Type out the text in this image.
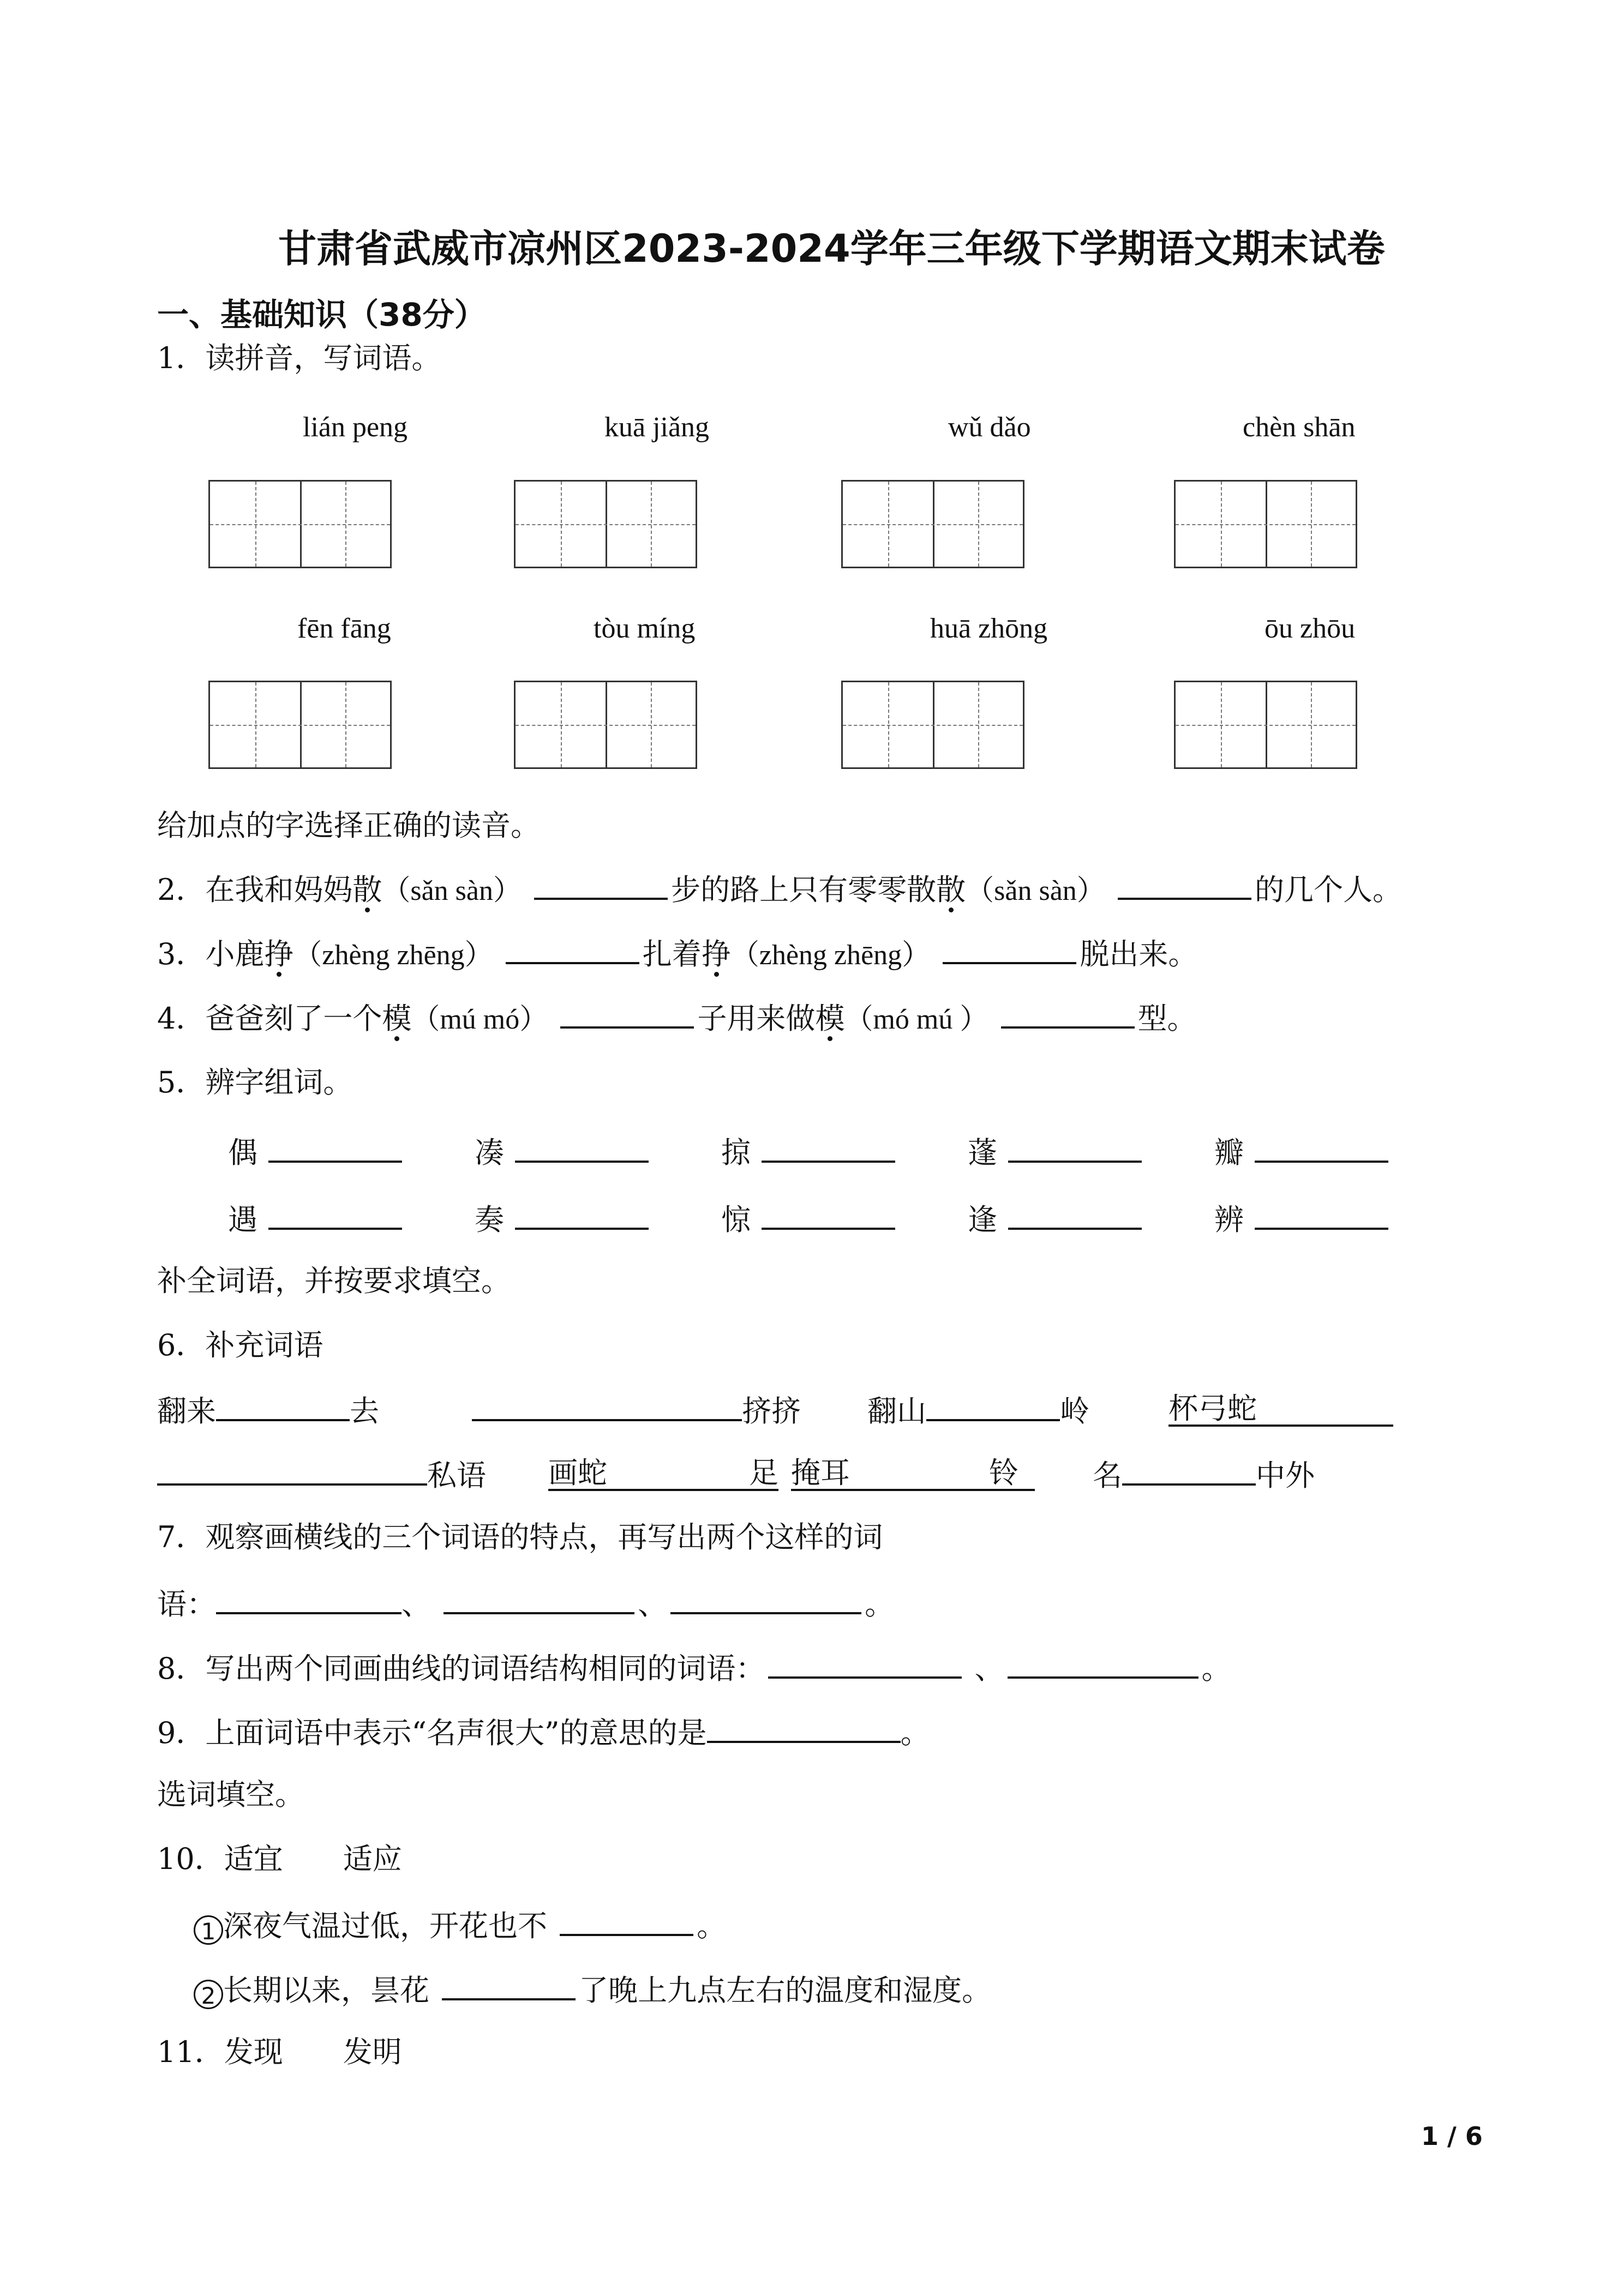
甘肃省武威市凉州区2023-2024学年三年级下学期语文期末试卷
一、基础知识（38分）
1．读拼音，写词语。
lián peng	kuā jiǎng	wǔ dǎo	chèn shān
fēn fāng	tòu míng	huā zhōng	ōu zhōu
给加点的字选择正确的读音。
2．在我和妈妈散（sǎn sàn）	步的路上只有零零散散（sǎn sàn）	的几个人。
3．小鹿挣（zhèng zhēng）	扎着挣（zhèng zhēng）	脱出来。
4．爸爸刻了一个模（mú mó）	子用来做模（mó mú ）	型。
5．辨字组词。
偶	凑	掠	蓬	瓣
遇	奏	惊	逢	辨
补全词语，并按要求填空。
6．补充词语
翻来	去	挤挤 翻山	岭	杯弓蛇
私语 画蛇	足 掩耳	铃	名	中外
7．观察画横线的三个词语的特点，再写出两个这样的词
语：	、	、	。
8．写出两个同画曲线的词语结构相同的词语：	、	。
9．上面词语中表示“名声很大”的意思的是	。
选词填空。
10．适宜 适应
1 深夜气温过低，开花也不	。
2 长期以来，昙花	了晚上九点左右的温度和湿度。
11．发现 发明
1 / 6
